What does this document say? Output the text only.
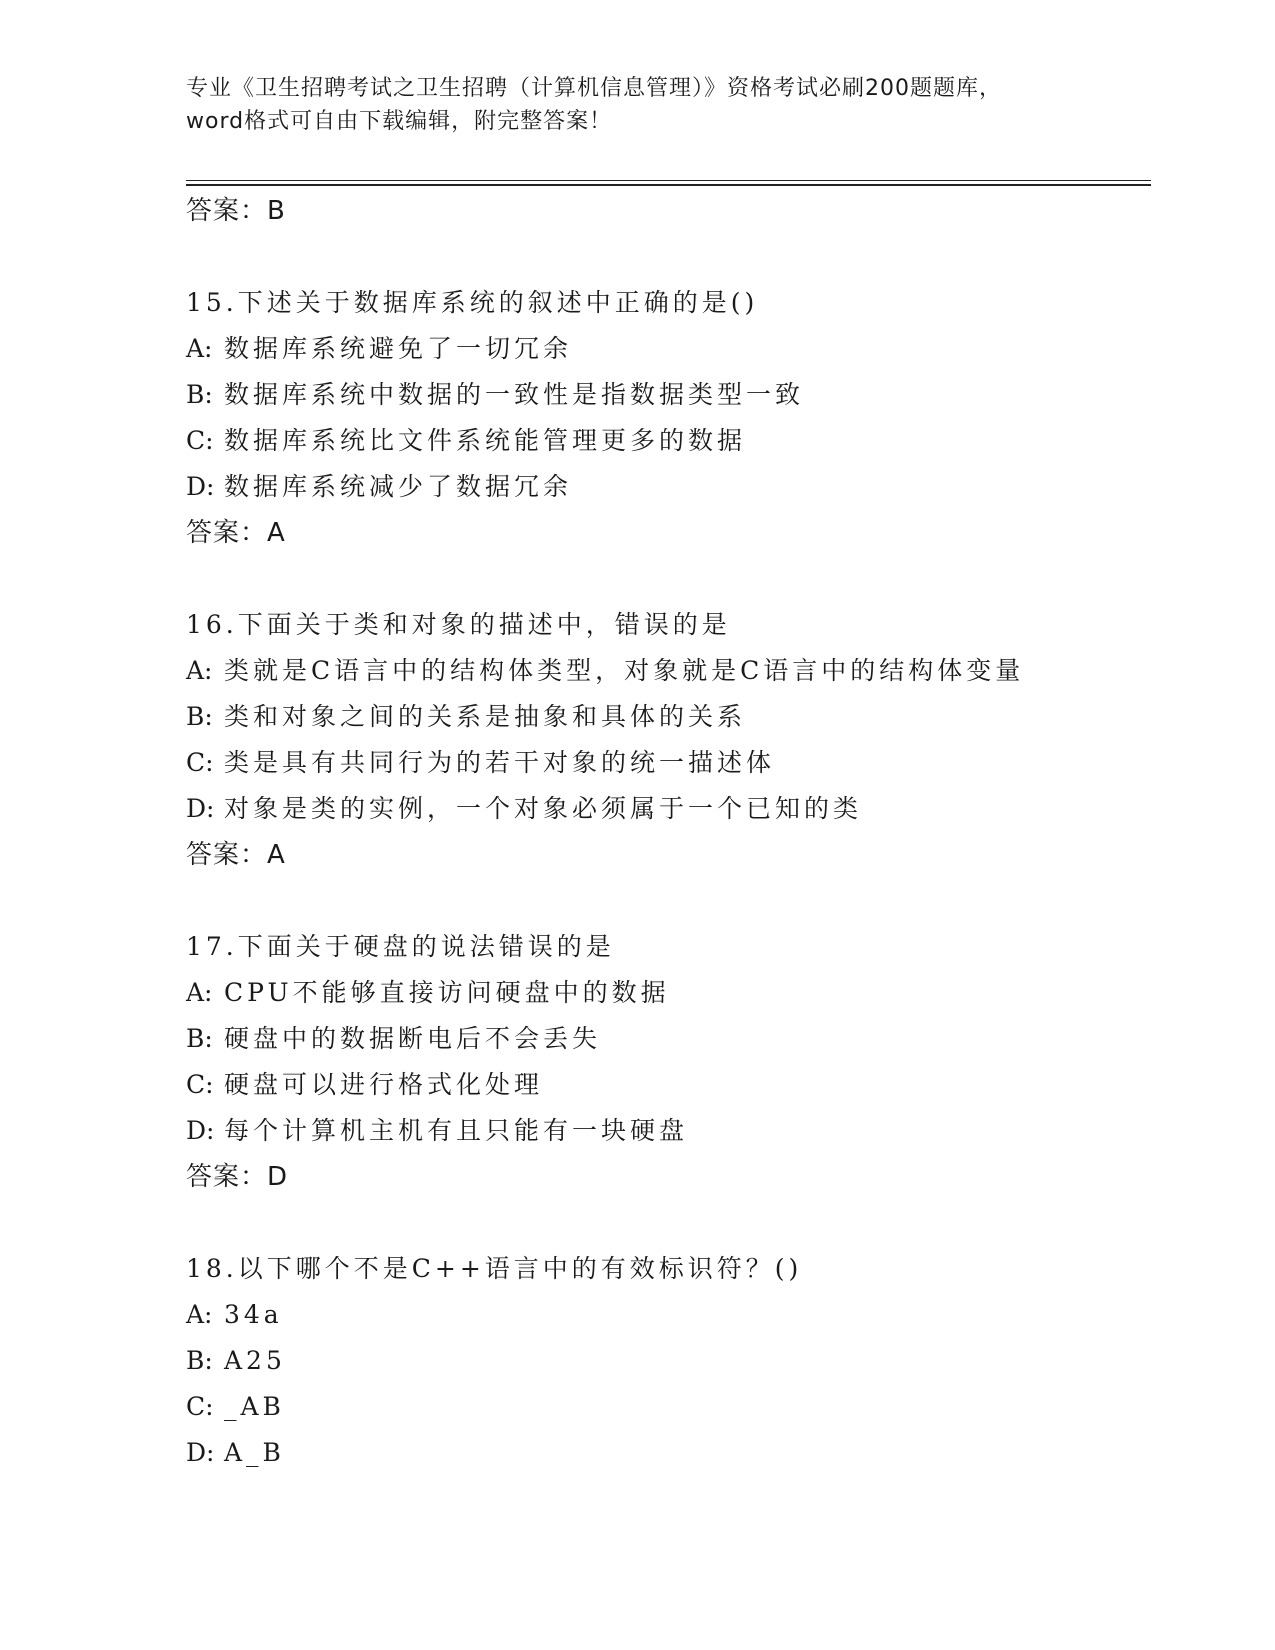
专业《卫生招聘考试之卫生招聘（计算机信息管理）》资格考试必刷200题题库，
word格式可自由下载编辑，附完整答案！
答案：B
15.下述关于数据库系统的叙述中正确的是()
A: 数据库系统避免了一切冗余
B: 数据库系统中数据的一致性是指数据类型一致
C: 数据库系统比文件系统能管理更多的数据
D: 数据库系统减少了数据冗余
答案：A
16.下面关于类和对象的描述中，错误的是
A: 类就是C语言中的结构体类型，对象就是C语言中的结构体变量
B: 类和对象之间的关系是抽象和具体的关系
C: 类是具有共同行为的若干对象的统一描述体
D: 对象是类的实例，一个对象必须属于一个已知的类
答案：A
17.下面关于硬盘的说法错误的是
A: CPU不能够直接访问硬盘中的数据
B: 硬盘中的数据断电后不会丢失
C: 硬盘可以进行格式化处理
D: 每个计算机主机有且只能有一块硬盘
答案：D
18.以下哪个不是C++语言中的有效标识符？()
A: 34a
B: A25
C: _AB
D: A_B
